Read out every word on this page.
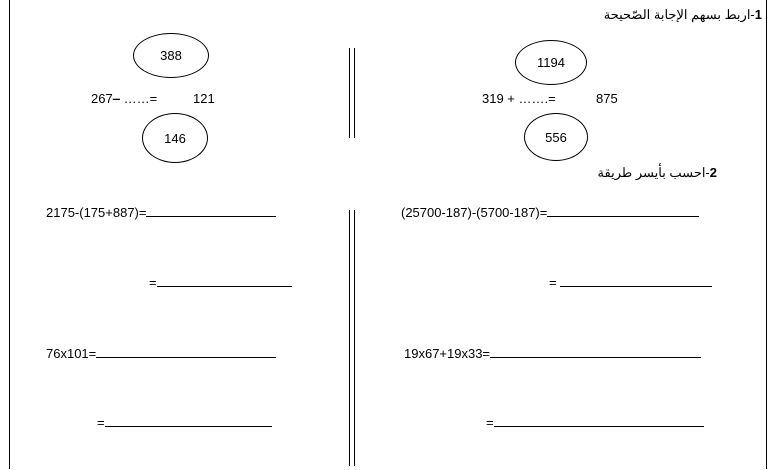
1-اربط بسهم الإجابة الصّحيحة
1194
319 + …….=	875
556
388
267‒ ……=	121
146
2-احسب بأيسر طريقة
(25700-187)-(5700-187)=
=
19x67+19x33=
=
2175-(175+887)=
=
76x101=
=
